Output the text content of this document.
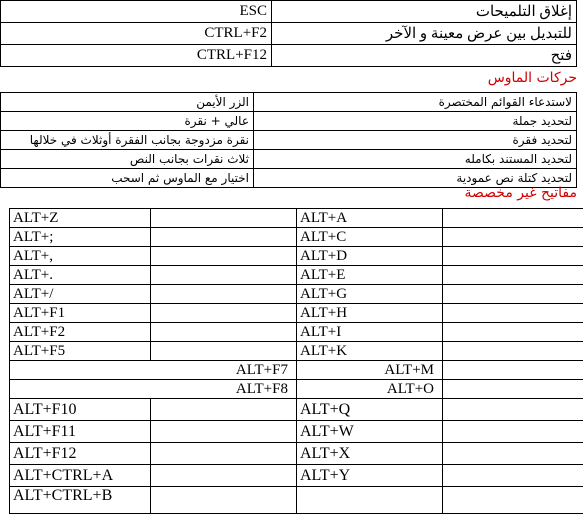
ESC	إغلاق التلميحات
CTRL+F2	للتبديل بين عرض معينة و الآخر
CTRL+F12	فتح
حركات الماوس
الزر الأيمن	لاستدعاء القوائم المختصرة
عالي + نقرة	لتحديد جملة
نقرة مزدوجة بجانب الفقرة أوثلاث في خلالها	لتحديد فقرة
ثلاث نقرات بجانب النص	لتحديد المستند بكامله
اختيار مع الماوس ثم اسحب	لتحديد كتلة نص عمودية
مفاتيح غير مخصصة
ALT+Z		ALT+A	
ALT+;		ALT+C	
ALT+,		ALT+D	
ALT+.		ALT+E	
ALT+/		ALT+G	
ALT+F1		ALT+H	
ALT+F2		ALT+I	
ALT+F5		ALT+K	
ALT+F7		ALT+M	
ALT+F8		ALT+O	
ALT+F10		ALT+Q	
ALT+F11		ALT+W	
ALT+F12		ALT+X	
ALT+CTRL+A		ALT+Y	
ALT+CTRL+B			
